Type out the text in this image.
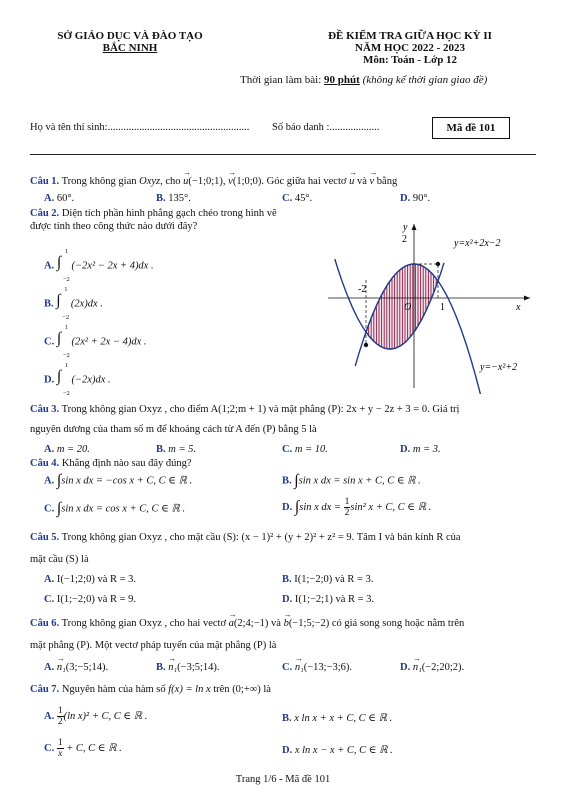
SỞ GIÁO DỤC VÀ ĐÀO TẠO
BẮC NINH
ĐỀ KIỂM TRA GIỮA HỌC KỲ II
NĂM HỌC 2022 - 2023
Môn: Toán - Lớp 12
Thời gian làm bài: 90 phút (không kể thời gian giao đề)
Họ và tên thí sinh:...................................................... Số báo danh :...................	Mã đề 101
Câu 1. Trong không gian Oxyz, cho → u(−1;0;1), → v(1;0;0). Góc giữa hai vectơ → u và → v bằng
A. 60°.	B. 135°.	C. 45°.	D. 90°.
Câu 2. Diện tích phần hình phẳng gạch chéo trong hình vẽ
được tính theo công thức nào dưới đây?
A. ∫
1
−2
(−2x² − 2x + 4)dx .
B. ∫
1
−2
(2x)dx .
C. ∫
1
−2
(2x² + 2x − 4)dx .
D. ∫
1
−2
(−2x)dx .
y
x
O
-2
1
2	y=x²+2x−2
y=−x²+2
Câu 3. Trong không gian Oxyz , cho điểm A(1;2;m + 1) và mặt phẳng (P): 2x + y − 2z + 3 = 0. Giá trị
nguyên dương của tham số m để khoảng cách từ A đến (P) bằng 5 là
A. m = 20.	B. m = 5.	C. m = 10.	D. m = 3.
Câu 4. Khẳng định nào sau đây đúng?
A. ∫sin x dx = −cos x + C, C ∈ ℝ .	B. ∫sin x dx = sin x + C, C ∈ ℝ .
C. ∫sin x dx = cos x + C, C ∈ ℝ .	D. ∫sin x dx = $\frac{1}{2} \sin^2$ x + C, C ∈ ℝ .
Câu 5. Trong không gian Oxyz , cho mặt cầu (S): (x − 1)² + (y + 2)² + z² = 9. Tâm I và bán kính R của
mặt cầu (S) là
A. I(−1;2;0) và R = 3.	B. I(1;−2;0) và R = 3.
C. I(1;−2;0) và R = 9.	D. I(1;−2;1) và R = 3.
Câu 6. Trong không gian Oxyz , cho hai vectơ → a(2;4;−1) và → b(−1;5;−2) có giá song song hoặc nằm trên
mặt phẳng (P). Một vectơ pháp tuyến của mặt phẳng (P) là
A. → n₁(3;−5;14).	B. → n₁(−3;5;14).	C. → n₁(−13;−3;6).	D. → n₁(−2;20;2).
Câu 7. Nguyên hàm của hàm số f(x) = ln x trên (0;+∞) là
A. $\frac{1}{2} (\ln$ x)² + C, C ∈ ℝ .	B. x ln x + x + C, C ∈ ℝ .
C. $\frac{1}{x} + C$, C ∈ ℝ .	D. x ln x − x + C, C ∈ ℝ .
Trang 1/6 - Mã đề 101
